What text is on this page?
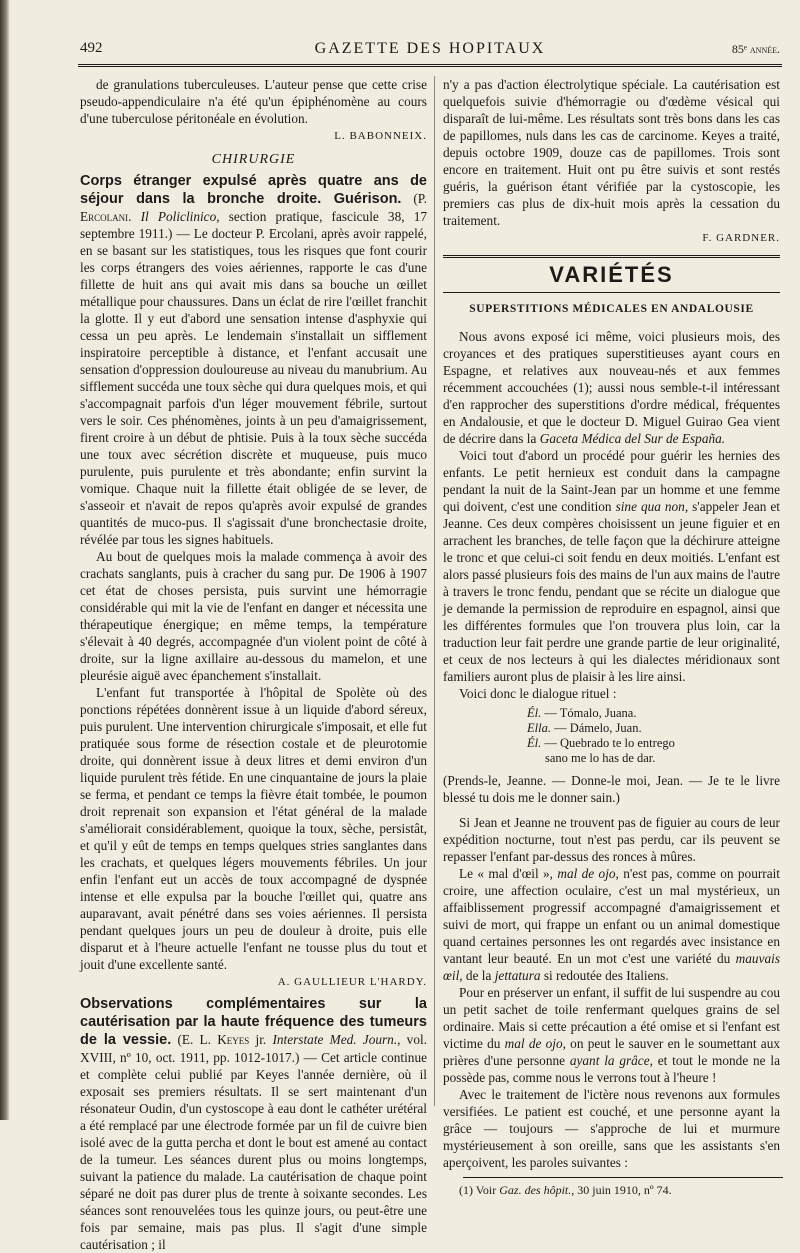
492	GAZETTE DES HOPITAUX	85ᵉ année.

de granulations tuberculeuses. L'auteur pense que cette crise pseudo-appendiculaire n'a été qu'un épiphénomène au cours d'une tuberculose péritonéale en évolution.

L. BABONNEIX.
CHIRURGIE

Corps étranger expulsé après quatre ans de séjour dans la bronche droite. Guérison. (P. Ercolani. Il Policlinico, section pratique, fascicule 38, 17 septembre 1911.) — Le docteur P. Ercolani, après avoir rappelé, en se basant sur les statistiques, tous les risques que font courir les corps étrangers des voies aériennes, rapporte le cas d'une fillette de huit ans qui avait mis dans sa bouche un œillet métallique pour chaussures. Dans un éclat de rire l'œillet franchit la glotte. Il y eut d'abord une sensation intense d'asphyxie qui cessa un peu après. Le lendemain s'installait un sifflement inspiratoire perceptible à distance, et l'enfant accusait une sensation d'oppression douloureuse au niveau du manubrium. Au sifflement succéda une toux sèche qui dura quelques mois, et qui s'accompagnait parfois d'un léger mouvement fébrile, surtout vers le soir. Ces phénomènes, joints à un peu d'amaigrissement, firent croire à un début de phtisie. Puis à la toux sèche succéda une toux avec sécrétion discrète et muqueuse, puis muco purulente, puis purulente et très abondante; enfin survint la vomique. Chaque nuit la fillette était obligée de se lever, de s'asseoir et n'avait de repos qu'après avoir expulsé de grandes quantités de muco-pus. Il s'agissait d'une bronchectasie droite, révélée par tous les signes habituels.

Au bout de quelques mois la malade commença à avoir des crachats sanglants, puis à cracher du sang pur. De 1906 à 1907 cet état de choses persista, puis survint une hémorragie considérable qui mit la vie de l'enfant en danger et nécessita une thérapeutique énergique; en même temps, la température s'élevait à 40 degrés, accompagnée d'un violent point de côté à droite, sur la ligne axillaire au-dessous du mamelon, et une pleurésie aiguë avec épanchement s'installait.

L'enfant fut transportée à l'hôpital de Spolète où des ponctions répétées donnèrent issue à un liquide d'abord séreux, puis purulent. Une intervention chirurgicale s'imposait, et elle fut pratiquée sous forme de résection costale et de pleurotomie droite, qui donnèrent issue à deux litres et demi environ d'un liquide purulent très fétide. En une cinquantaine de jours la plaie se ferma, et pendant ce temps la fièvre était tombée, le poumon droit reprenait son expansion et l'état général de la malade s'améliorait considérablement, quoique la toux, sèche, persistât, et qu'il y eût de temps en temps quelques stries sanglantes dans les crachats, et quelques légers mouvements fébriles. Un jour enfin l'enfant eut un accès de toux accompagné de dyspnée intense et elle expulsa par la bouche l'œillet qui, quatre ans auparavant, avait pénétré dans ses voies aériennes. Il persista pendant quelques jours un peu de douleur à droite, puis elle disparut et à l'heure actuelle l'enfant ne tousse plus du tout et jouit d'une excellente santé.

A. GAULLIEUR L'HARDY.

Observations complémentaires sur la cautérisation par la haute fréquence des tumeurs de la vessie. (E. L. Keyes jr. Interstate Med. Journ., vol. XVIII, nº 10, oct. 1911, pp. 1012-1017.) — Cet article continue et complète celui publié par Keyes l'année dernière, où il exposait ses premiers résultats. Il se sert maintenant d'un résonateur Oudin, d'un cystoscope à eau dont le cathéter urétéral a été remplacé par une électrode formée par un fil de cuivre bien isolé avec de la gutta percha et dont le bout est amené au contact de la tumeur. Les séances durent plus ou moins longtemps, suivant la patience du malade. La cautérisation de chaque point séparé ne doit pas durer plus de trente à soixante secondes. Les séances sont renouvelées tous les quinze jours, ou peut-être une fois par semaine, mais pas plus. Il s'agit d'une simple cautérisation ; il

n'y a pas d'action électrolytique spéciale. La cautérisation est quelquefois suivie d'hémorragie ou d'œdème vésical qui disparaît de lui-même. Les résultats sont très bons dans les cas de papillomes, nuls dans les cas de carcinome. Keyes a traité, depuis octobre 1909, douze cas de papillomes. Trois sont encore en traitement. Huit ont pu être suivis et sont restés guéris, la guérison étant vérifiée par la cystoscopie, les premiers cas plus de dix-huit mois après la cessation du traitement.

F. GARDNER.
VARIÉTÉS
SUPERSTITIONS MÉDICALES EN ANDALOUSIE

Nous avons exposé ici même, voici plusieurs mois, des croyances et des pratiques superstitieuses ayant cours en Espagne, et relatives aux nouveau-nés et aux femmes récemment accouchées (1); aussi nous semble-t-il intéressant d'en rapprocher des superstitions d'ordre médical, fréquentes en Andalousie, et que le docteur D. Miguel Guirao Gea vient de décrire dans la Gaceta Médica del Sur de España.

Voici tout d'abord un procédé pour guérir les hernies des enfants. Le petit hernieux est conduit dans la campagne pendant la nuit de la Saint-Jean par un homme et une femme qui doivent, c'est une condition sine qua non, s'appeler Jean et Jeanne. Ces deux compères choisissent un jeune figuier et en arrachent les branches, de telle façon que la déchirure atteigne le tronc et que celui-ci soit fendu en deux moitiés. L'enfant est alors passé plusieurs fois des mains de l'un aux mains de l'autre à travers le tronc fendu, pendant que se récite un dialogue que je demande la permission de reproduire en espagnol, ainsi que les différentes formules que l'on trouvera plus loin, car la traduction leur fait perdre une grande partie de leur originalité, et ceux de nos lecteurs à qui les dialectes méridionaux sont familiers auront plus de plaisir à les lire ainsi.

Voici donc le dialogue rituel :

Él. — Tómalo, Juana.
Ella. — Dámelo, Juan.
Él. — Quebrado te lo entrego
sano me lo has de dar.

(Prends-le, Jeanne. — Donne-le moi, Jean. — Je te le livre blessé tu dois me le donner sain.)

Si Jean et Jeanne ne trouvent pas de figuier au cours de leur expédition nocturne, tout n'est pas perdu, car ils peuvent se repasser l'enfant par-dessus des ronces à mûres.

Le « mal d'œil », mal de ojo, n'est pas, comme on pourrait croire, une affection oculaire, c'est un mal mystérieux, un affaiblissement progressif accompagné d'amaigrissement et suivi de mort, qui frappe un enfant ou un animal domestique quand certaines personnes les ont regardés avec insistance en vantant leur beauté. En un mot c'est une variété du mauvais œil, de la jettatura si redoutée des Italiens.

Pour en préserver un enfant, il suffit de lui suspendre au cou un petit sachet de toile renfermant quelques grains de sel ordinaire. Mais si cette précaution a été omise et si l'enfant est victime du mal de ojo, on peut le sauver en le soumettant aux prières d'une personne ayant la grâce, et tout le monde ne la possède pas, comme nous le verrons tout à l'heure !

Avec le traitement de l'ictère nous revenons aux formules versifiées. Le patient est couché, et une personne ayant la grâce — toujours — s'approche de lui et murmure mystérieusement à son oreille, sans que les assistants s'en aperçoivent, les paroles suivantes :

(1) Voir Gaz. des hôpit., 30 juin 1910, nº 74.
